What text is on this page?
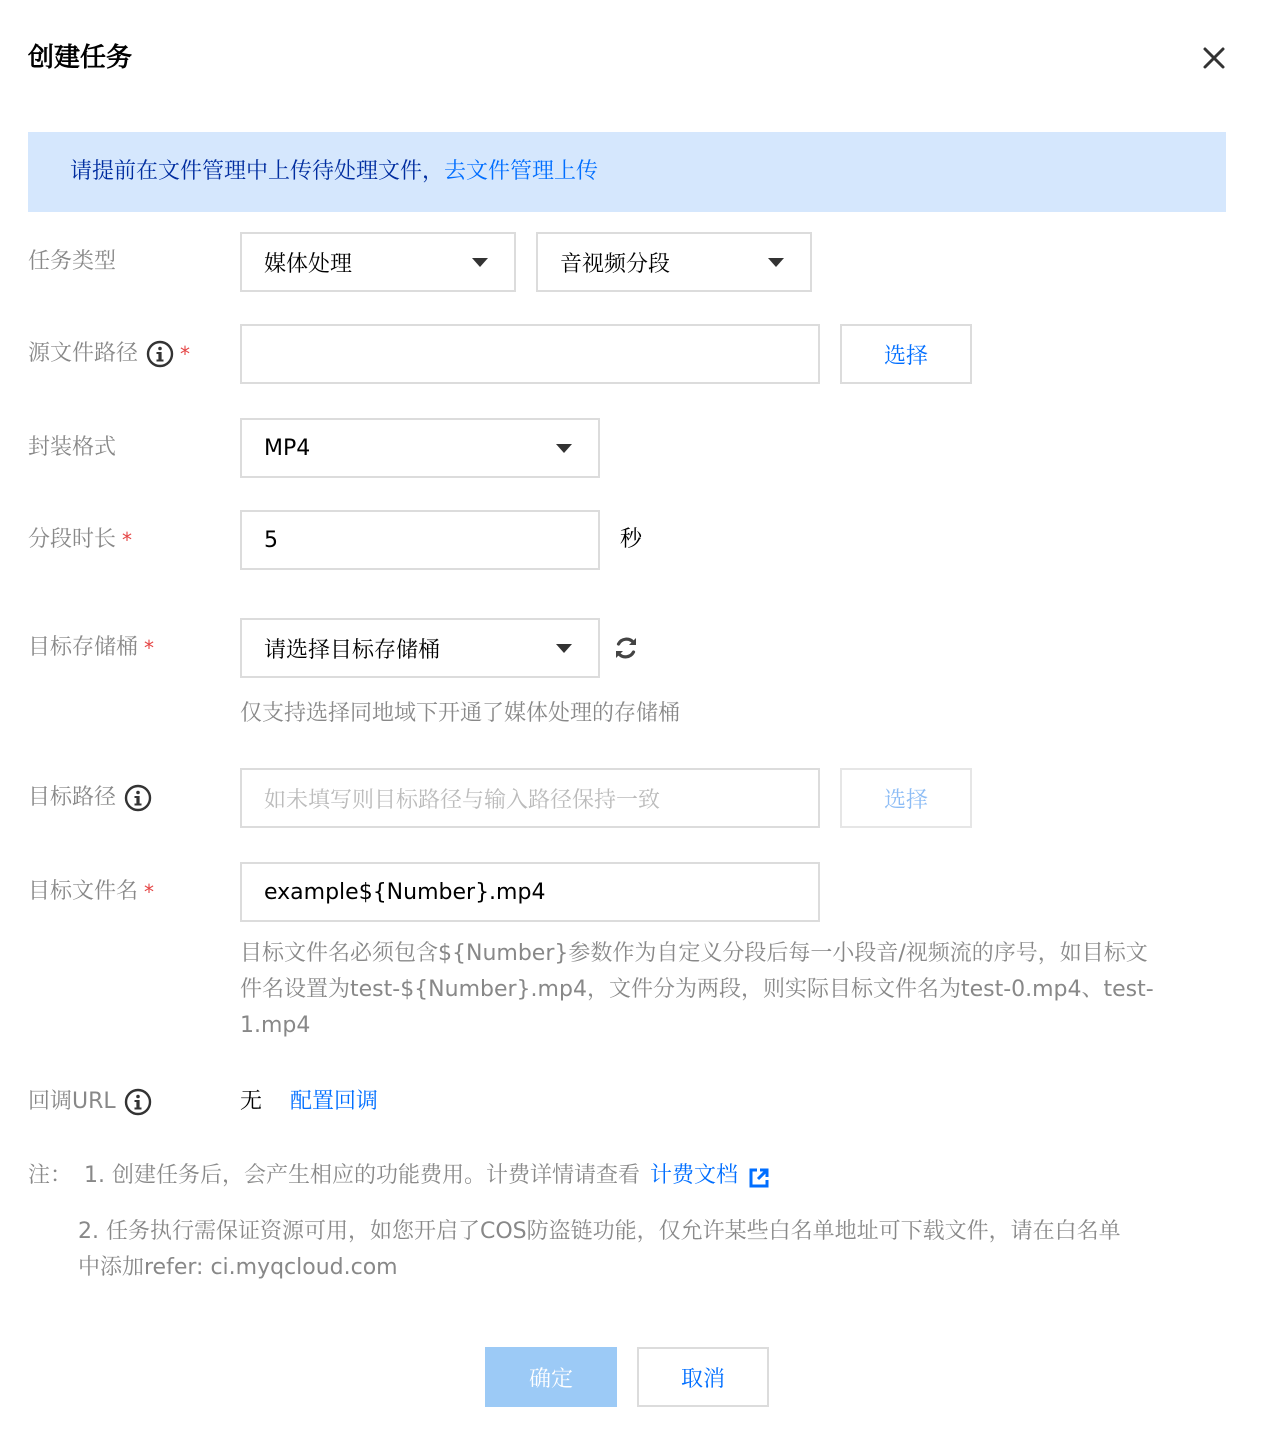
创建任务
请提前在文件管理中上传待处理文件，去文件管理上传
任务类型	媒体处理	音视频分段
源文件路径 *	选择
封装格式	MP4
分段时长 *	5	秒
目标存储桶 *	请选择目标存储桶
仅支持选择同地域下开通了媒体处理的存储桶
目标路径	如未填写则目标路径与输入路径保持一致	选择
目标文件名 *	example${Number}.mp4
目标文件名必须包含${Number}参数作为自定义分段后每一小段音/视频流的序号，如目标文
件名设置为test-${Number}.mp4，文件分为两段，则实际目标文件名为test-0.mp4、test-
1.mp4
回调URL	无 配置回调
注： 1. 创建任务后，会产生相应的功能费用。计费详情请查看 计费文档
2. 任务执行需保证资源可用，如您开启了COS防盗链功能，仅允许某些白名单地址可下载文件，请在白名单
中添加refer: ci.myqcloud.com
确定	取消
